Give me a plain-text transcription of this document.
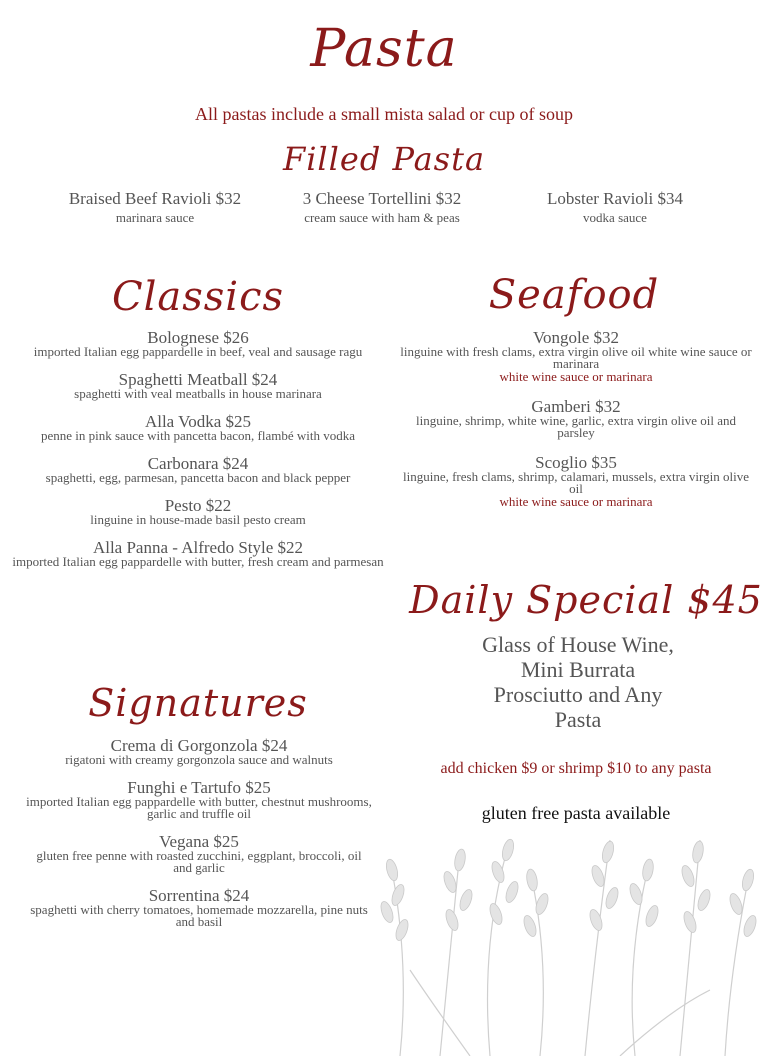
Pasta
All pastas include a small mista salad or cup of soup
Filled Pasta
Braised Beef Ravioli $32
marinara sauce
3 Cheese Tortellini $32
cream sauce with ham & peas
Lobster Ravioli $34
vodka sauce
Classics
Bolognese $26
imported Italian egg pappardelle in beef, veal and sausage ragu
Spaghetti Meatball $24
spaghetti with veal meatballs in house marinara
Alla Vodka $25
penne in pink sauce with pancetta bacon, flambé with vodka
Carbonara $24
spaghetti, egg, parmesan, pancetta bacon and black pepper
Pesto $22
linguine in house-made basil pesto cream
Alla Panna - Alfredo Style $22
imported Italian egg pappardelle with butter, fresh cream and parmesan
Seafood
Vongole $32
linguine with fresh clams, extra virgin olive oil white wine sauce or marinara
white wine sauce or marinara
Gamberi $32
linguine, shrimp, white wine, garlic, extra virgin olive oil and parsley
Scoglio $35
linguine, fresh clams, shrimp, calamari, mussels, extra virgin olive oil
white wine sauce or marinara
Daily Special $45
Glass of House Wine,
Mini Burrata
Prosciutto and Any
Pasta
add chicken $9 or shrimp $10 to any pasta
gluten free pasta available
Signatures
Crema di Gorgonzola $24
rigatoni with creamy gorgonzola sauce and walnuts
Funghi e Tartufo $25
imported Italian egg pappardelle with butter, chestnut mushrooms, garlic and truffle oil
Vegana $25
gluten free penne with roasted zucchini, eggplant, broccoli, oil and garlic
Sorrentina $24
spaghetti with cherry tomatoes, homemade mozzarella, pine nuts and basil
